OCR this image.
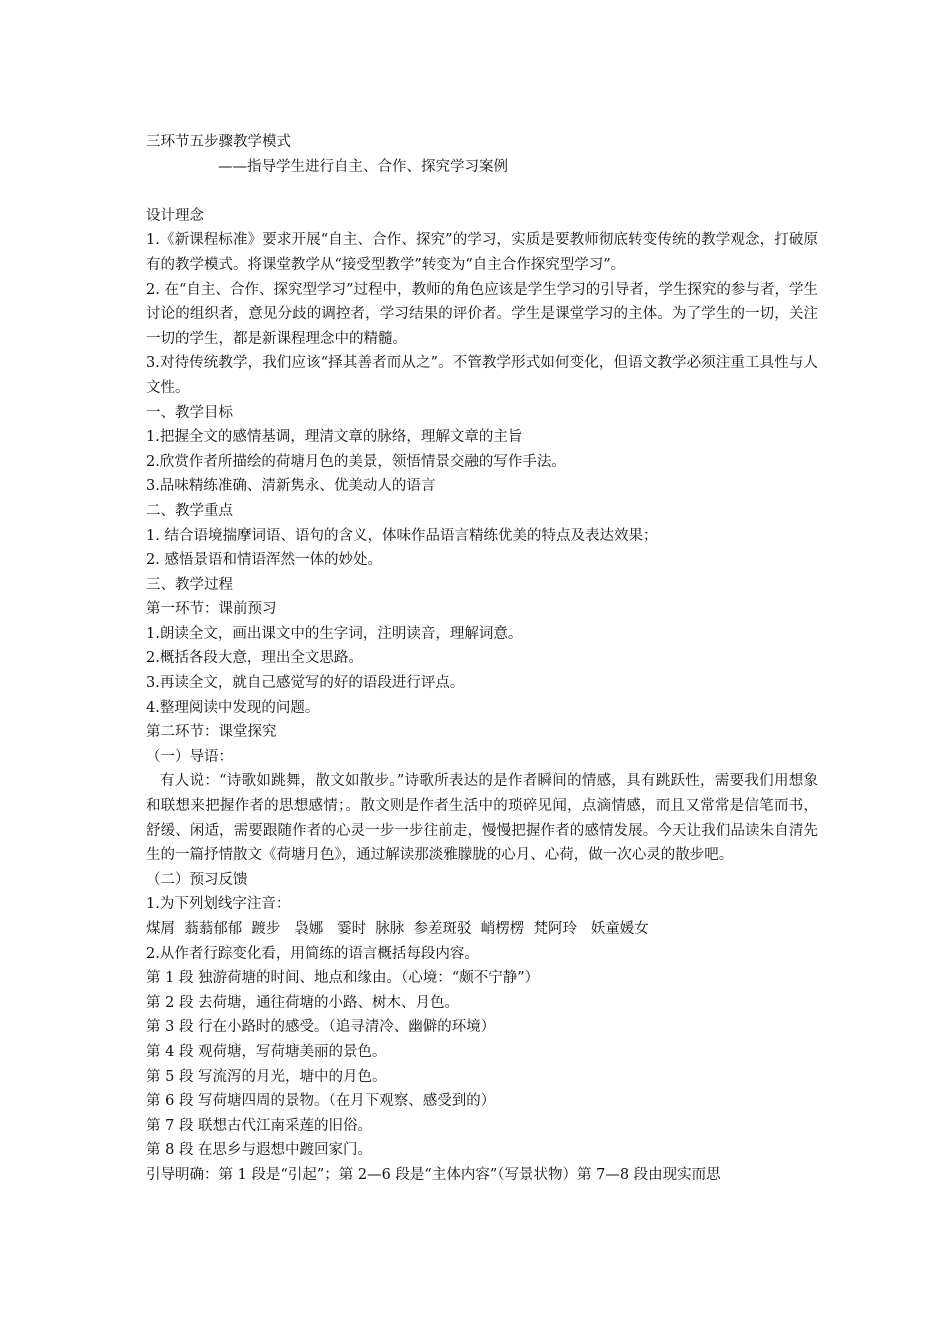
三环节五步骤教学模式

——指导学生进行自主、合作、探究学习案例

设计理念

1.《新课程标准》要求开展“自主、合作、探究”的学习，实质是要教师彻底转变传统的教学观念，打破原有的教学模式。将课堂教学从“接受型教学”转变为“自主合作探究型学习”。

2. 在“自主、合作、探究型学习”过程中，教师的角色应该是学生学习的引导者，学生探究的参与者，学生讨论的组织者，意见分歧的调控者，学习结果的评价者。学生是课堂学习的主体。为了学生的一切，关注一切的学生，都是新课程理念中的精髓。

3.对待传统教学，我们应该“择其善者而从之”。不管教学形式如何变化，但语文教学必须注重工具性与人文性。

一、教学目标

1.把握全文的感情基调，理清文章的脉络，理解文章的主旨

2.欣赏作者所描绘的荷塘月色的美景，领悟情景交融的写作手法。

3.品味精练准确、清新隽永、优美动人的语言

二、教学重点

1. 结合语境揣摩词语、语句的含义，体味作品语言精练优美的特点及表达效果；

2. 感悟景语和情语浑然一体的妙处。

三、教学过程

第一环节：课前预习

1.朗读全文，画出课文中的生字词，注明读音，理解词意。

2.概括各段大意，理出全文思路。

3.再读全文，就自己感觉写的好的语段进行评点。

4.整理阅读中发现的问题。

第二环节：课堂探究

（一）导语：

有人说：“诗歌如跳舞，散文如散步。”诗歌所表达的是作者瞬间的情感，具有跳跃性，需要我们用想象和联想来把握作者的思想感情；。散文则是作者生活中的琐碎见闻，点滴情感，而且又常常是信笔而书，舒缓、闲适，需要跟随作者的心灵一步一步往前走，慢慢把握作者的感情发展。今天让我们品读朱自清先生的一篇抒情散文《荷塘月色》，通过解读那淡雅朦胧的心月、心荷，做一次心灵的散步吧。

（二）预习反馈

1.为下列划线字注音：

煤屑  蓊蓊郁郁  踱步   袅娜   霎时  脉脉  参差斑驳  峭楞楞  梵阿玲   妖童媛女

2.从作者行踪变化看，用简练的语言概括每段内容。

第 1 段 独游荷塘的时间、地点和缘由。（心境：“颇不宁静”）

第 2 段 去荷塘，通往荷塘的小路、树木、月色。

第 3 段 行在小路时的感受。（追寻清冷、幽僻的环境）

第 4 段 观荷塘，写荷塘美丽的景色。

第 5 段 写流泻的月光，塘中的月色。

第 6 段 写荷塘四周的景物。（在月下观察、感受到的）

第 7 段 联想古代江南采莲的旧俗。

第 8 段 在思乡与遐想中踱回家门。

引导明确：第 1 段是“引起”；第 2—6 段是“主体内容”（写景状物）第 7—8 段由现实而思
